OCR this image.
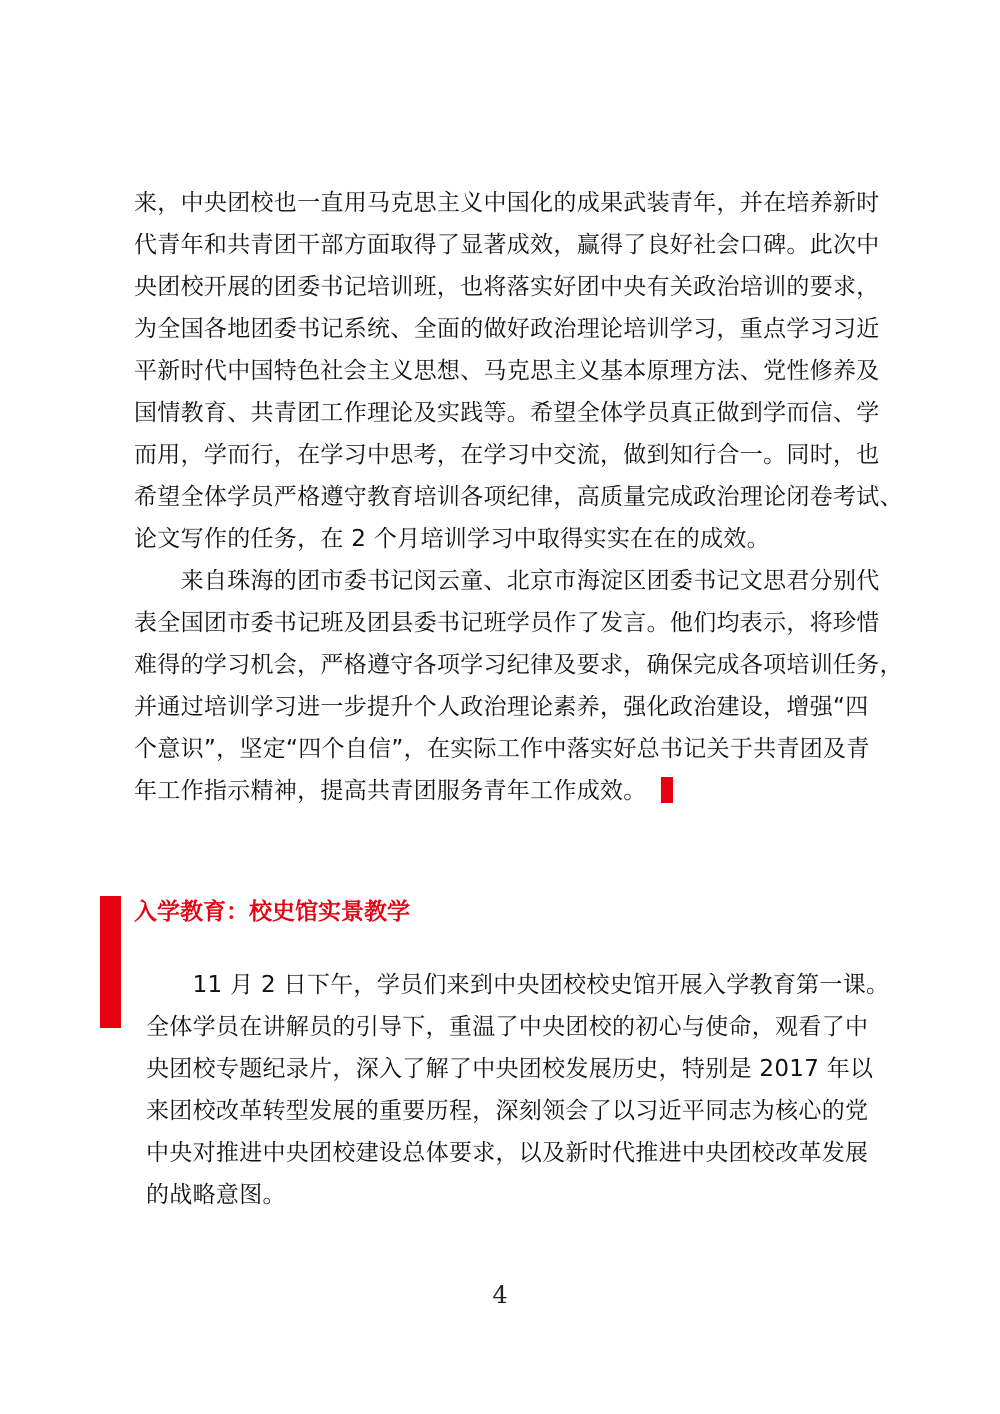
来，中央团校也一直用马克思主义中国化的成果武装青年，并在培养新时
代青年和共青团干部方面取得了显著成效，赢得了良好社会口碑。此次中
央团校开展的团委书记培训班，也将落实好团中央有关政治培训的要求，
为全国各地团委书记系统、全面的做好政治理论培训学习，重点学习习近
平新时代中国特色社会主义思想、马克思主义基本原理方法、党性修养及
国情教育、共青团工作理论及实践等。希望全体学员真正做到学而信、学
而用，学而行，在学习中思考，在学习中交流，做到知行合一。同时，也
希望全体学员严格遵守教育培训各项纪律，高质量完成政治理论闭卷考试、
论文写作的任务，在 2 个月培训学习中取得实实在在的成效。
　　来自珠海的团市委书记闵云童、北京市海淀区团委书记文思君分别代
表全国团市委书记班及团县委书记班学员作了发言。他们均表示，将珍惜
难得的学习机会，严格遵守各项学习纪律及要求，确保完成各项培训任务，
并通过培训学习进一步提升个人政治理论素养，强化政治建设，增强“四
个意识”，坚定“四个自信”，在实际工作中落实好总书记关于共青团及青
年工作指示精神，提高共青团服务青年工作成效。
入学教育：校史馆实景教学
　　11 月 2 日下午，学员们来到中央团校校史馆开展入学教育第一课。
全体学员在讲解员的引导下，重温了中央团校的初心与使命，观看了中
央团校专题纪录片，深入了解了中央团校发展历史，特别是 2017 年以
来团校改革转型发展的重要历程，深刻领会了以习近平同志为核心的党
中央对推进中央团校建设总体要求，以及新时代推进中央团校改革发展
的战略意图。
4
